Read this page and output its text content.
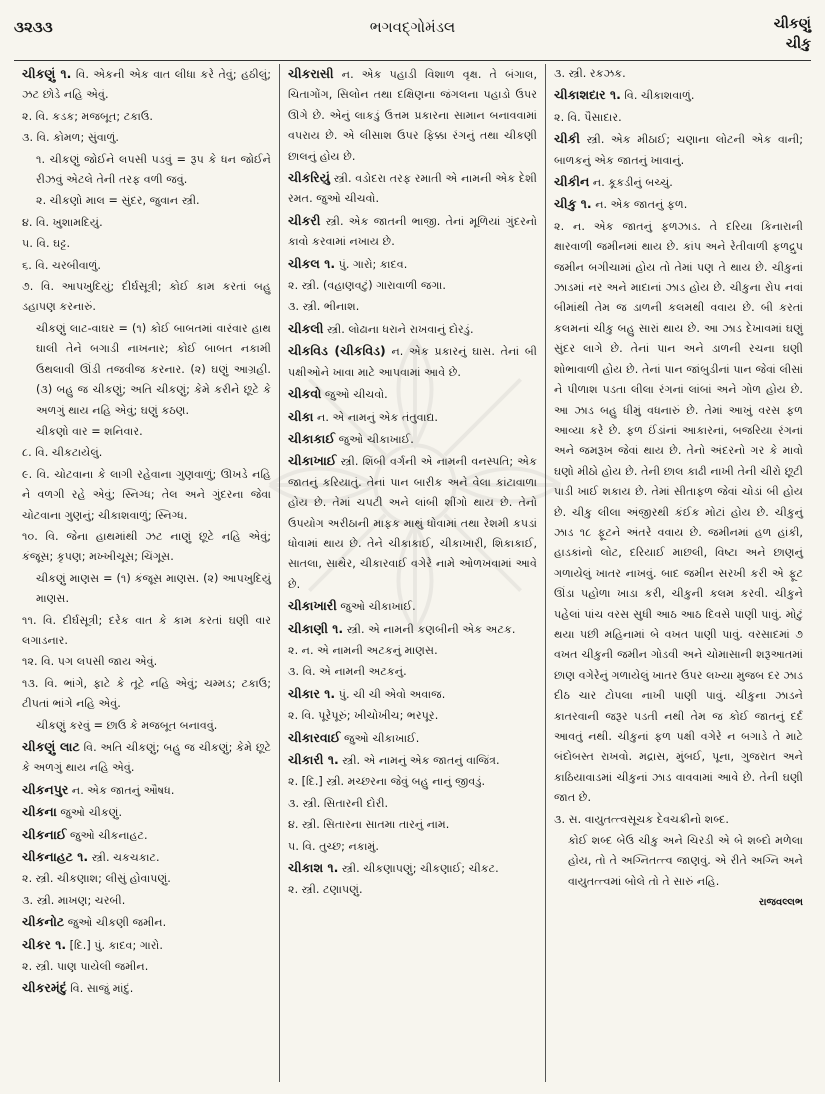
૩૨૩૩	ભગવદ્ગોમંડલ	ચીકણું
ચીકુ
ચીકણું ૧. વિ. એકની એક વાત લીધા કરે તેવું; હઠીલું; ઝટ છોડે નહિ એવું.
૨. વિ. કડક; મજબૂત; ટકાઉ.
૩. વિ. કોમળ; સુંવાળું.
૧. ચીકણું જોઈને લપસી પડવું = રૂપ કે ધન જોઈને રીઝવું એટલે તેની તરફ વળી જવું.
૨. ચીકણો માલ = સુંદર, જુવાન સ્ત્રી.
૪. વિ. ખુશામદિયું.
૫. વિ. ઘટ્ટ.
૬. વિ. ચરબીવાળું.
૭. વિ. આપખુદિયું; દીર્ઘસૂત્રી; કોઈ કામ કરતાં બહુ ડહાપણ કરનારું.
ચીકણું લાટ-વાઘર = (૧) કોઈ બાબતમાં વારંવાર હાથ ઘાલી તેને બગાડી નાખનાર; કોઈ બાબત નકામી ઉથલાવી ઊંડી તજવીજ કરનાર. (૨) ઘણું આગ્રહી. (૩) બહુ જ ચીકણું; અતિ ચીકણું; કેમે કરીને છૂટે કે અળગું થાય નહિ એવું; ઘણું કઠણ.
ચીકણો વાર = શનિવાર.
૮. વિ. ચીકટાયેલું.
૯. વિ. ચોટવાના કે લાગી રહેવાના ગુણવાળું; ઊખડે નહિ ને વળગી રહે એવું; સ્નિગ્ધ; તેલ અને ગુંદરના જેવા ચોટવાના ગુણનું; ચીકાશવાળું; સ્નિગ્ધ.
૧૦. વિ. જેના હાથમાંથી ઝટ નાણું છૂટે નહિ એવું; કંજૂસ; કૃપણ; મખ્ખીચૂસ; ચિંગૂસ.
ચીકણું માણસ = (૧) કંજૂસ માણસ. (૨) આપખુદિયું માણસ.
૧૧. વિ. દીર્ઘસૂત્રી; દરેક વાત કે કામ કરતાં ઘણી વાર લગાડનાર.
૧૨. વિ. પગ લપસી જાય એવું.
૧૩. વિ. ભાંગે, ફાટે કે તૂટે નહિ એવું; ચમ્મડ; ટકાઉ; ટીપતાં ભાંગે નહિ એવું.
ચીકણું કરવું = છાઉ કે મજબૂત બનાવવું.
ચીકણું લાટ વિ. અતિ ચીકણું; બહુ જ ચીકણું; કેમે છૂટે કે અળગું થાય નહિ એવું.
ચીકનપુર ન. એક જાતનું ઔષધ.
ચીકના જુઓ ચીકણું.
ચીકનાઈ જુઓ ચીકનાહટ.
ચીકનાહટ ૧. સ્ત્રી. ચકચકાટ.
૨. સ્ત્રી. ચીકણાશ; લીસું હોવાપણું.
૩. સ્ત્રી. માખણ; ચરબી.
ચીકનોટ જુઓ ચીકણી જમીન.
ચીકર ૧. [દિ.] પું. કાદવ; ગારો.
૨. સ્ત્રી. પાણ પાયેલી જમીન.
ચીકરમંદું વિ. સાજું માંદું.
ચીકરાસી ન. એક પહાડી વિશાળ વૃક્ષ. તે બંગાલ, ચિતાગોંગ, સિલોન તથા દક્ષિણના જંગલના પહાડો ઉપર ઊગે છે. એનું લાકડું ઉત્તમ પ્રકારના સામાન બનાવવામાં વપરાય છે. એ લીસાશ ઉપર ફિક્કા રંગનું તથા ચીકણી છાલનું હોય છે.
ચીકરિયું સ્ત્રી. વડોદરા તરફ રમાતી એ નામની એક દેશી રમત. જુઓ ચીચવો.
ચીકરી સ્ત્રી. એક જાતની ભાજી. તેનાં મૂળિયાં ગુંદરનો કાવો કરવામાં નખાય છે.
ચીકલ ૧. પું. ગારો; કાદવ.
૨. સ્ત્રી. (વહાણવટું) ગારાવાળી જગા.
૩. સ્ત્રી. ભીનાશ.
ચીકલી સ્ત્રી. લોઢાના ધરાને રાખવાનું દોરડું.
ચીકવિડ (ચીકવિડ) ન. એક પ્રકારનું ઘાસ. તેનાં બી પક્ષીઓને ખાવા માટે આપવામાં આવે છે.
ચીકવો જુઓ ચીચવો.
ચીકા ન. એ નામનું એક તંતુવાદ્ય.
ચીકાકાઈ જુઓ ચીકાખાઈ.
ચીકાખાઈ સ્ત્રી. શિંબી વર્ગની એ નામની વનસ્પતિ; એક જાતનું કરિયાતું. તેનાં પાન બારીક અને વેલા કાંટાવાળા હોય છે. તેમાં ચપટી અને લાંબી શીંગો થાય છે. તેનો ઉપયોગ અરીઠાની માફક માથું ધોવામાં તથા રેશમી કપડાં ધોવામાં થાય છે. તેને ચીકાકાઈ, ચીકાખારી, શિકાકાઈ, સાતલા, સાથેર, ચીકારવાઈ વગેરે નામે ઓળખવામાં આવે છે.
ચીકાખારી જુઓ ચીકાખાઈ.
ચીકાણી ૧. સ્ત્રી. એ નામની કણબીની એક અટક.
૨. ન. એ નામની અટકનું માણસ.
૩. વિ. એ નામની અટકનું.
ચીકાર ૧. પું. ચી ચી એવો અવાજ.
૨. વિ. પૂરેપૂરું; ખીચોખીચ; ભરપૂર.
ચીકારવાઈ જુઓ ચીકાખાઈ.
ચીકારી ૧. સ્ત્રી. એ નામનું એક જાતનું વાજિંત્ર.
૨. [દિ.] સ્ત્રી. મચ્છરના જેવું બહુ નાનું જીવડું.
૩. સ્ત્રી. સિતારની દોરી.
૪. સ્ત્રી. સિતારના સાતમા તારનું નામ.
૫. વિ. તુચ્છ; નકામું.
ચીકાશ ૧. સ્ત્રી. ચીકણાપણું; ચીકણાઈ; ચીકટ.
૨. સ્ત્રી. ટણાપણું.
૩. સ્ત્રી. રકઝક.
ચીકાશદાર ૧. વિ. ચીકાશવાળું.
૨. વિ. પૈસાદાર.
ચીકી સ્ત્રી. એક મીઠાઈ; ચણાના લોટની એક વાની; બાળકનું એક જાતનું ખાવાનું.
ચીકીન ન. કૂકડીનું બચ્ચું.
ચીકુ ૧. ન. એક જાતનું ફળ.
૨. ન. એક જાતનું ફળઝાડ. તે દરિયા કિનારાની ક્ષારવાળી જમીનમાં થાય છે. કાંપ અને રેતીવાળી ફળદ્રુપ જમીન બગીચામાં હોય તો તેમાં પણ તે થાય છે. ચીકુનાં ઝાડમાં નર અને માદાનાં ઝાડ હોય છે. ચીકુના રોપ નવાં બીમાંથી તેમ જ ડાળની કલમથી વવાય છે. બી કરતાં કલમનાં ચીકુ બહુ સારાં થાય છે. આ ઝાડ દેખાવમાં ઘણું સુંદર લાગે છે. તેનાં પાન અને ડાળની રચના ઘણી શોભાવાળી હોય છે. તેનાં પાન જાંબુડીનાં પાન જેવાં લીસાં ને પીળાશ પડતા લીલા રંગનાં લાંબાં અને ગોળ હોય છે. આ ઝાડ બહુ ધીમું વધનારું છે. તેમાં આખું વરસ ફળ આવ્યા કરે છે. ફળ ઈંડાંનાં આકારનાં, બજરિયા રંગનાં અને જમરૂખ જેવાં થાય છે. તેનો અંદરનો ગર કે માવો ઘણો મીઠો હોય છે. તેની છાલ કાઢી નાખી તેની ચીરો છૂટી પાડી ખાઈ શકાય છે. તેમાં સીતાફળ જેવાં ચોડાં બી હોય છે. ચીકુ લીલા અંજીરથી કંઈક મોટાં હોય છે. ચીકુનું ઝાડ ૧૮ ફૂટને અંતરે વવાય છે. જમીનમાં હળ હાંકી, હાડકાંનો લોટ, દરિયાઈ માછલી, વિષ્ટા અને છાણનું ગળાયેલું ખાતર નાખવું. બાદ જમીન સરખી કરી એ ફૂટ ઊંડા પહોળા ખાડા કરી, ચીકુની કલમ કરવી. ચીકુને પહેલાં પાંચ વરસ સુધી આઠ આઠ દિવસે પાણી પાવું. મોટું થયા પછી મહિનામાં બે વખત પાણી પાવું. વરસાદમાં ૭ વખત ચીકુની જમીન ગોડવી અને ચોમાસાની શરૂઆતમાં છાણ વગેરેનું ગળાયેલું ખાતર ઉપર લખ્યા મુજબ દર ઝાડ દીઠ ચાર ટોપલા નાખી પાણી પાવું. ચીકુના ઝાડને કાતરવાની જરૂર પડતી નથી તેમ જ કોઈ જાતનું દર્દ આવતું નથી. ચીકુનાં ફળ પક્ષી વગેરે ન બગાડે તે માટે બંદોબસ્ત રાખવો. મદ્રાસ, મુંબઈ, પૂના, ગુજરાત અને કાઠિયાવાડમાં ચીકુનાં ઝાડ વાવવામાં આવે છે. તેની ઘણી જાત છે.
૩. સ. વાયુતત્ત્વસૂચક દેવચક્રીનો શબ્દ.
કોઈ શબ્દ બેઉ ચીકુ અને ચિરડી એ બે શબ્દો મળેલા હોય, તો તે અગ્નિતત્ત્વ જાણવું. એ રીતે અગ્નિ અને વાયુતત્ત્વમાં બોલે તો તે સારું નહિ.
રાજવલ્લભ
